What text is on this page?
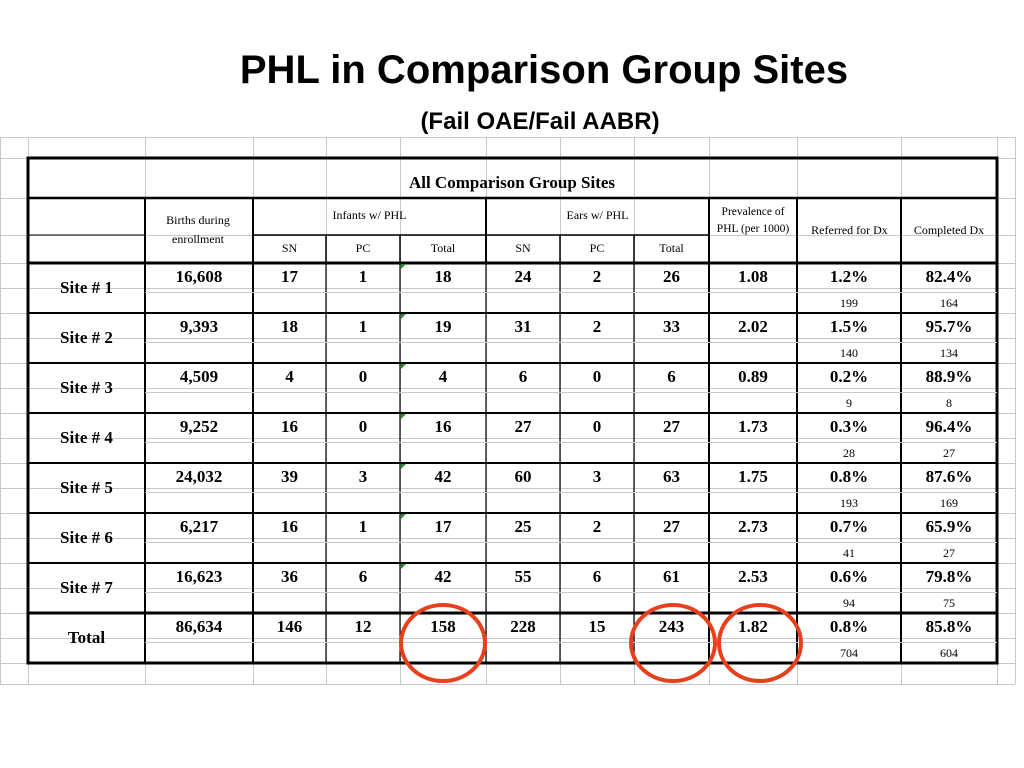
PHL in Comparison Group Sites
(Fail OAE/Fail AABR)
All Comparison Group Sites
Births during enrollment
Infants w/ PHL	Ears w/ PHL	Prevalence of PHL (per 1000)	Referred for Dx	Completed Dx
SN	PC	Total	SN	PC	Total
Site # 1
16,608	17	1	18	24	2	26	1.08	1.2%	82.4%
199	164
Site # 2
9,393	18	1	19	31	2	33	2.02	1.5%	95.7%
140	134
Site # 3
4,509	4	0	4	6	0	6	0.89	0.2%	88.9%
9	8
Site # 4
9,252	16	0	16	27	0	27	1.73	0.3%	96.4%
28	27
Site # 5
24,032	39	3	42	60	3	63	1.75	0.8%	87.6%
193	169
Site # 6
6,217	16	1	17	25	2	27	2.73	0.7%	65.9%
41	27
Site # 7
16,623	36	6	42	55	6	61	2.53	0.6%	79.8%
94	75
Total
86,634	146	12	158	228	15	243	1.82	0.8%	85.8%
704	604
